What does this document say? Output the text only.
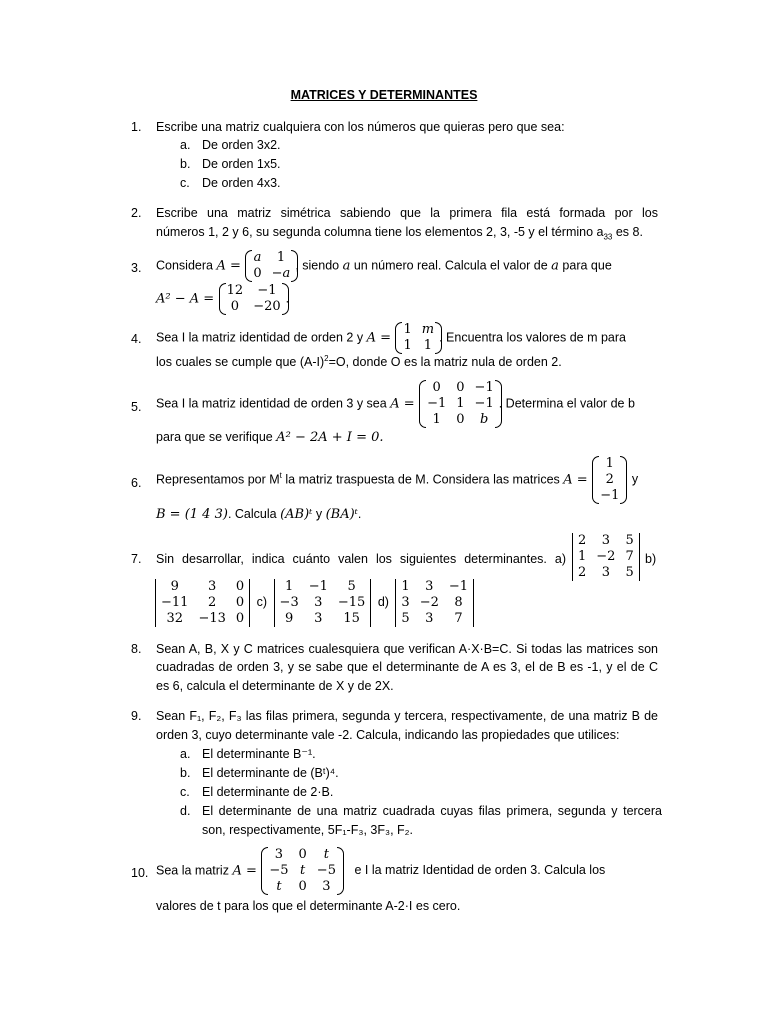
MATRICES Y DETERMINANTES
1.	Escribe una matriz cualquiera con los números que quieras pero que sea:
a. De orden 3x2.
b. De orden 1x5.
c. De orden 4x3.
2.	Escribe una matriz simétrica sabiendo que la primera fila está formada por los
números 1, 2 y 6, su segunda columna tiene los elementos 2, 3, -5 y el término $a_{33}$ es 8.
3.	Considera A =
a	1
0	−a
, siendo a un número real. Calcula el valor de a para que
A² − A =
12	−1
0	−20
.
4.	Sea I la matriz identidad de orden 2 y A =
1	m
1	1
. Encuentra los valores de m para
los cuales se cumple que $(A-I)^2=O$, donde O es la matriz nula de orden 2.
5.	Sea I la matriz identidad de orden 3 y sea A =
0	0	−1
−1	1	−1
1	0	b
. Determina el valor de b
para que se verifique A² − 2A + I = 0.
6.	Representamos por $M^t$ la matriz traspuesta de M. Considera las matrices A =
1
2
−1
y
B = (1 4 3). Calcula (AB)ᵗ y (BA)ᵗ.
7.	Sin desarrollar, indica cuánto valen los siguientes determinantes. a)
2	3	5
1	−2	7
2	3	5
b)
9	3	0
−11	2	0
32	−13	0
c)
1	−1	5
−3	3	−15
9	3	15
d)
1	3	−1
3	−2	8
5	3	7
8.	Sean A, B, X y C matrices cualesquiera que verifican A·X·B=C. Si todas las matrices son
cuadradas de orden 3, y se sabe que el determinante de A es 3, el de B es -1, y el de C
es 6, calcula el determinante de X y de 2X.
9.	Sean F₁, F₂, F₃ las filas primera, segunda y tercera, respectivamente, de una matriz B de
orden 3, cuyo determinante vale -2. Calcula, indicando las propiedades que utilices:
a. El determinante B⁻¹.
b. El determinante de (Bᵗ)⁴.
c. El determinante de 2·B.
d. El determinante de una matriz cuadrada cuyas filas primera, segunda y tercera
son, respectivamente, 5F₁-F₃, 3F₃, F₂.
10. Sea la matriz A =
3	0	t
−5	t	−5
t	0	3
e I la matriz Identidad de orden 3. Calcula los
valores de t para los que el determinante A-2·I es cero.
